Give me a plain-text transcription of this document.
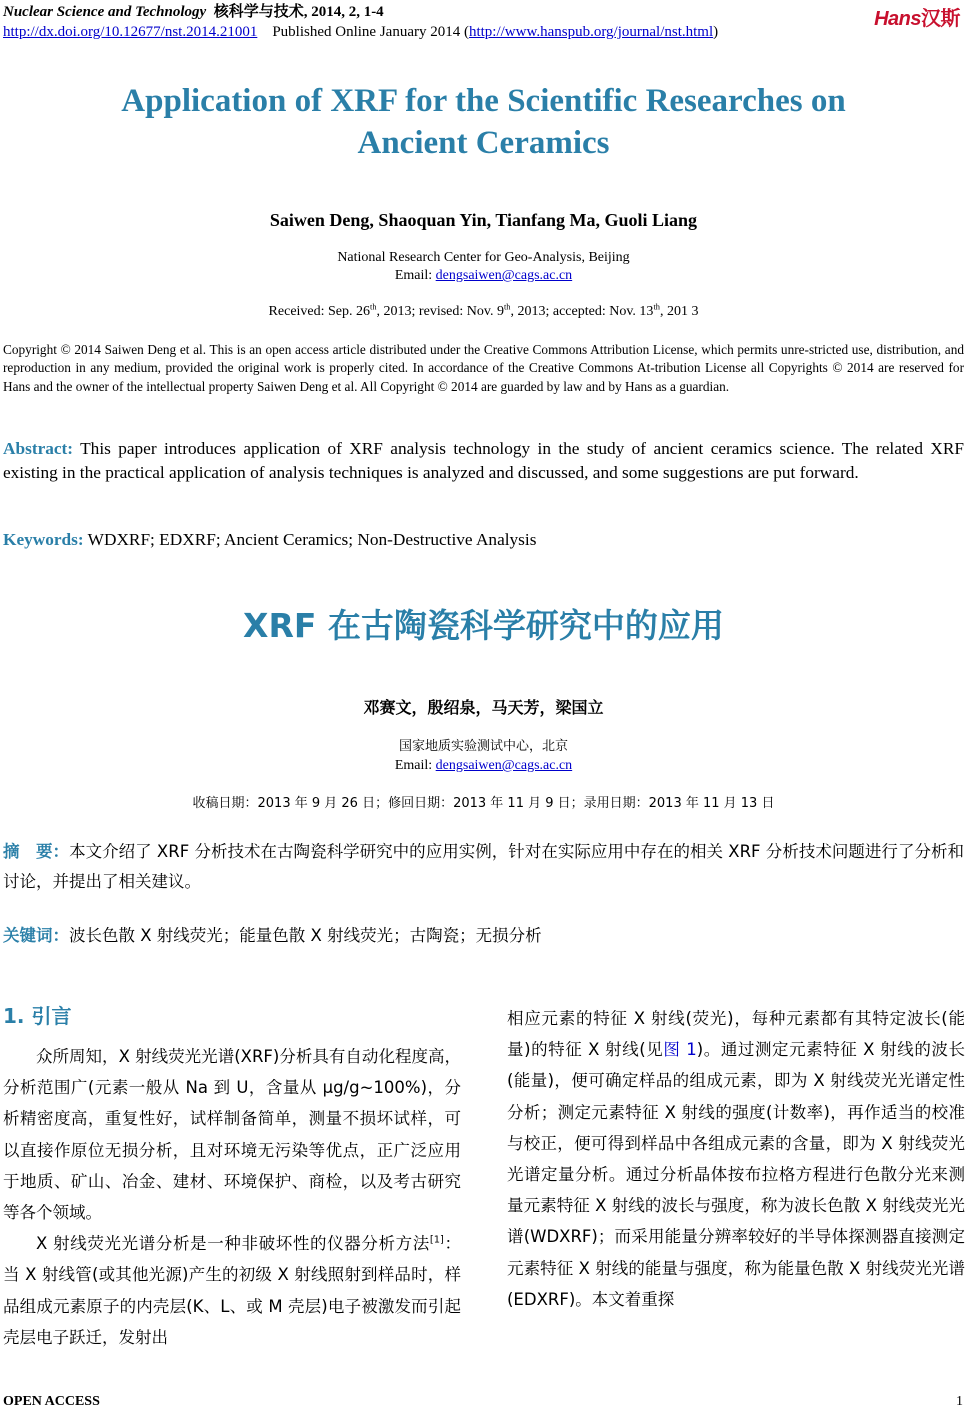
Nuclear Science and Technology 核科学与技术, 2014, 2, 1-4
http://dx.doi.org/10.12677/nst.2014.21001 Published Online January 2014 (http://www.hanspub.org/journal/nst.html)
Hans汉斯
Application of XRF for the Scientific Researches on
Ancient Ceramics
Saiwen Deng, Shaoquan Yin, Tianfang Ma, Guoli Liang
National Research Center for Geo-Analysis, Beijing
Email: dengsaiwen@cags.ac.cn
Received: Sep. 26th, 2013; revised: Nov. 9th, 2013; accepted: Nov. 13th, 201 3
Copyright © 2014 Saiwen Deng et al. This is an open access article distributed under the Creative Commons Attribution License, which permits unre-stricted use, distribution, and reproduction in any medium, provided the original work is properly cited. In accordance of the Creative Commons At-tribution License all Copyrights © 2014 are reserved for Hans and the owner of the intellectual property Saiwen Deng et al. All Copyright © 2014 are guarded by law and by Hans as a guardian.
Abstract: This paper introduces application of XRF analysis technology in the study of ancient ceramics science. The related XRF existing in the practical application of analysis techniques is analyzed and discussed, and some suggestions are put forward.
Keywords: WDXRF; EDXRF; Ancient Ceramics; Non-Destructive Analysis
XRF 在古陶瓷科学研究中的应用
邓赛文，殷绍泉，马天芳，梁国立
国家地质实验测试中心，北京
Email: dengsaiwen@cags.ac.cn
收稿日期：2013 年 9 月 26 日；修回日期：2013 年 11 月 9 日；录用日期：2013 年 11 月 13 日
摘　要：本文介绍了 XRF 分析技术在古陶瓷科学研究中的应用实例，针对在实际应用中存在的相关 XRF 分析技术问题进行了分析和讨论，并提出了相关建议。
关键词：波长色散 X 射线荧光；能量色散 X 射线荧光；古陶瓷；无损分析
1. 引言

众所周知，X 射线荧光光谱(XRF)分析具有自动化程度高，分析范围广(元素一般从 Na 到 U，含量从 μg/g~100%)，分析精密度高，重复性好，试样制备简单，测量不损坏试样，可以直接作原位无损分析，且对环境无污染等优点，正广泛应用于地质、矿山、冶金、建材、环境保护、商检，以及考古研究等各个领域。

X 射线荧光光谱分析是一种非破坏性的仪器分析方法[1]：当 X 射线管(或其他光源)产生的初级 X 射线照射到样品时，样品组成元素原子的内壳层(K、L、或 M 壳层)电子被激发而引起壳层电子跃迁，发射出

相应元素的特征 X 射线(荧光)，每种元素都有其特定波长(能量)的特征 X 射线(见图 1)。通过测定元素特征 X 射线的波长(能量)，便可确定样品的组成元素，即为 X 射线荧光光谱定性分析；测定元素特征 X 射线的强度(计数率)，再作适当的校准与校正，便可得到样品中各组成元素的含量，即为 X 射线荧光光谱定量分析。通过分析晶体按布拉格方程进行色散分光来测量元素特征 X 射线的波长与强度，称为波长色散 X 射线荧光光谱(WDXRF)；而采用能量分辨率较好的半导体探测器直接测定元素特征 X 射线的能量与强度，称为能量色散 X 射线荧光光谱(EDXRF)。本文着重探

OPEN ACCESS	1
